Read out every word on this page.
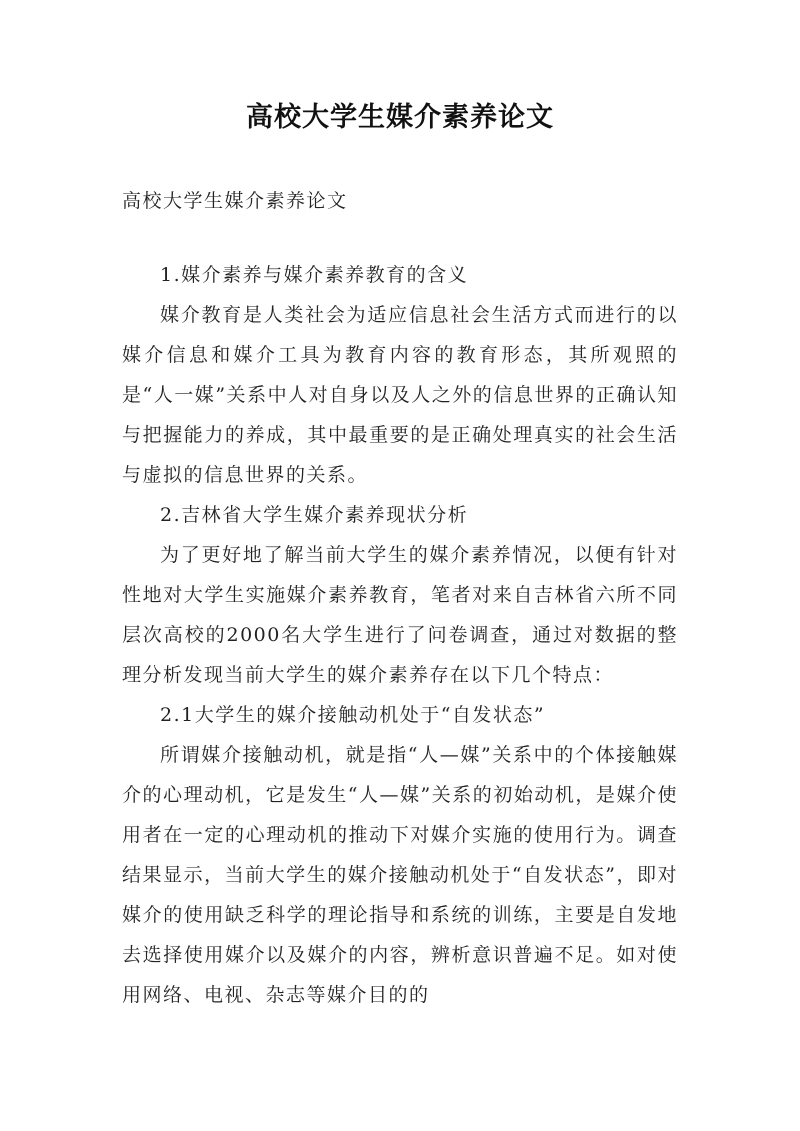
高校大学生媒介素养论文

高校大学生媒介素养论文

1.媒介素养与媒介素养教育的含义

媒介教育是人类社会为适应信息社会生活方式而进行的以媒介信息和媒介工具为教育内容的教育形态，其所观照的是“人一媒”关系中人对自身以及人之外的信息世界的正确认知与把握能力的养成，其中最重要的是正确处理真实的社会生活与虚拟的信息世界的关系。

2.吉林省大学生媒介素养现状分析

为了更好地了解当前大学生的媒介素养情况，以便有针对性地对大学生实施媒介素养教育，笔者对来自吉林省六所不同层次高校的2000名大学生进行了问卷调查，通过对数据的整理分析发现当前大学生的媒介素养存在以下几个特点：

2.1大学生的媒介接触动机处于“自发状态”

所谓媒介接触动机，就是指“人—媒”关系中的个体接触媒介的心理动机，它是发生“人—媒”关系的初始动机，是媒介使用者在一定的心理动机的推动下对媒介实施的使用行为。调查结果显示，当前大学生的媒介接触动机处于“自发状态”，即对媒介的使用缺乏科学的理论指导和系统的训练，主要是自发地去选择使用媒介以及媒介的内容，辨析意识普遍不足。如对使用网络、电视、杂志等媒介目的的
